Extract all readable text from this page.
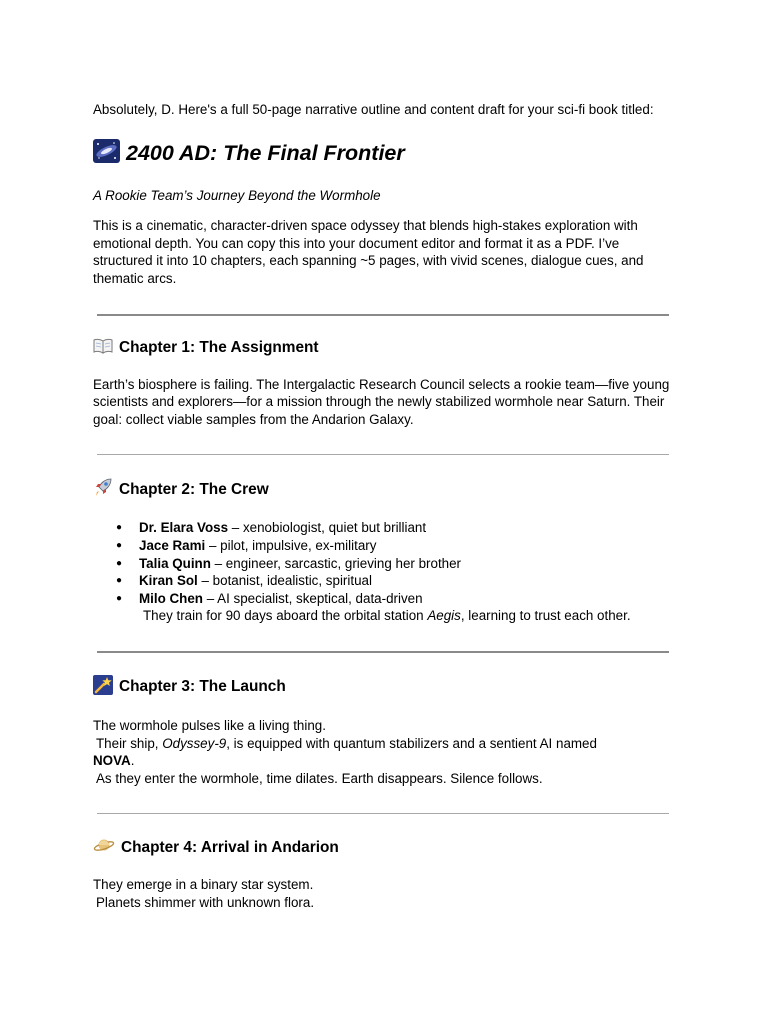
Absolutely, D. Here's a full 50-page narrative outline and content draft for your sci-fi book titled:

2400 AD: The Final Frontier

A Rookie Team’s Journey Beyond the Wormhole

This is a cinematic, character-driven space odyssey that blends high-stakes exploration with emotional depth. You can copy this into your document editor and format it as a PDF. I’ve structured it into 10 chapters, each spanning ~5 pages, with vivid scenes, dialogue cues, and thematic arcs.

Chapter 1: The Assignment

Earth’s biosphere is failing. The Intergalactic Research Council selects a rookie team—five young scientists and explorers—for a mission through the newly stabilized wormhole near Saturn. Their goal: collect viable samples from the Andarion Galaxy.

Chapter 2: The Crew
● Dr. Elara Voss – xenobiologist, quiet but brilliant
● Jace Rami – pilot, impulsive, ex-military
● Talia Quinn – engineer, sarcastic, grieving her brother
● Kiran Sol – botanist, idealistic, spiritual
● Milo Chen – AI specialist, skeptical, data-driven

They train for 90 days aboard the orbital station Aegis, learning to trust each other.

Chapter 3: The Launch

The wormhole pulses like a living thing.

Their ship, Odyssey-9, is equipped with quantum stabilizers and a sentient AI named

NOVA.

As they enter the wormhole, time dilates. Earth disappears. Silence follows.

Chapter 4: Arrival in Andarion

They emerge in a binary star system.

Planets shimmer with unknown flora.
